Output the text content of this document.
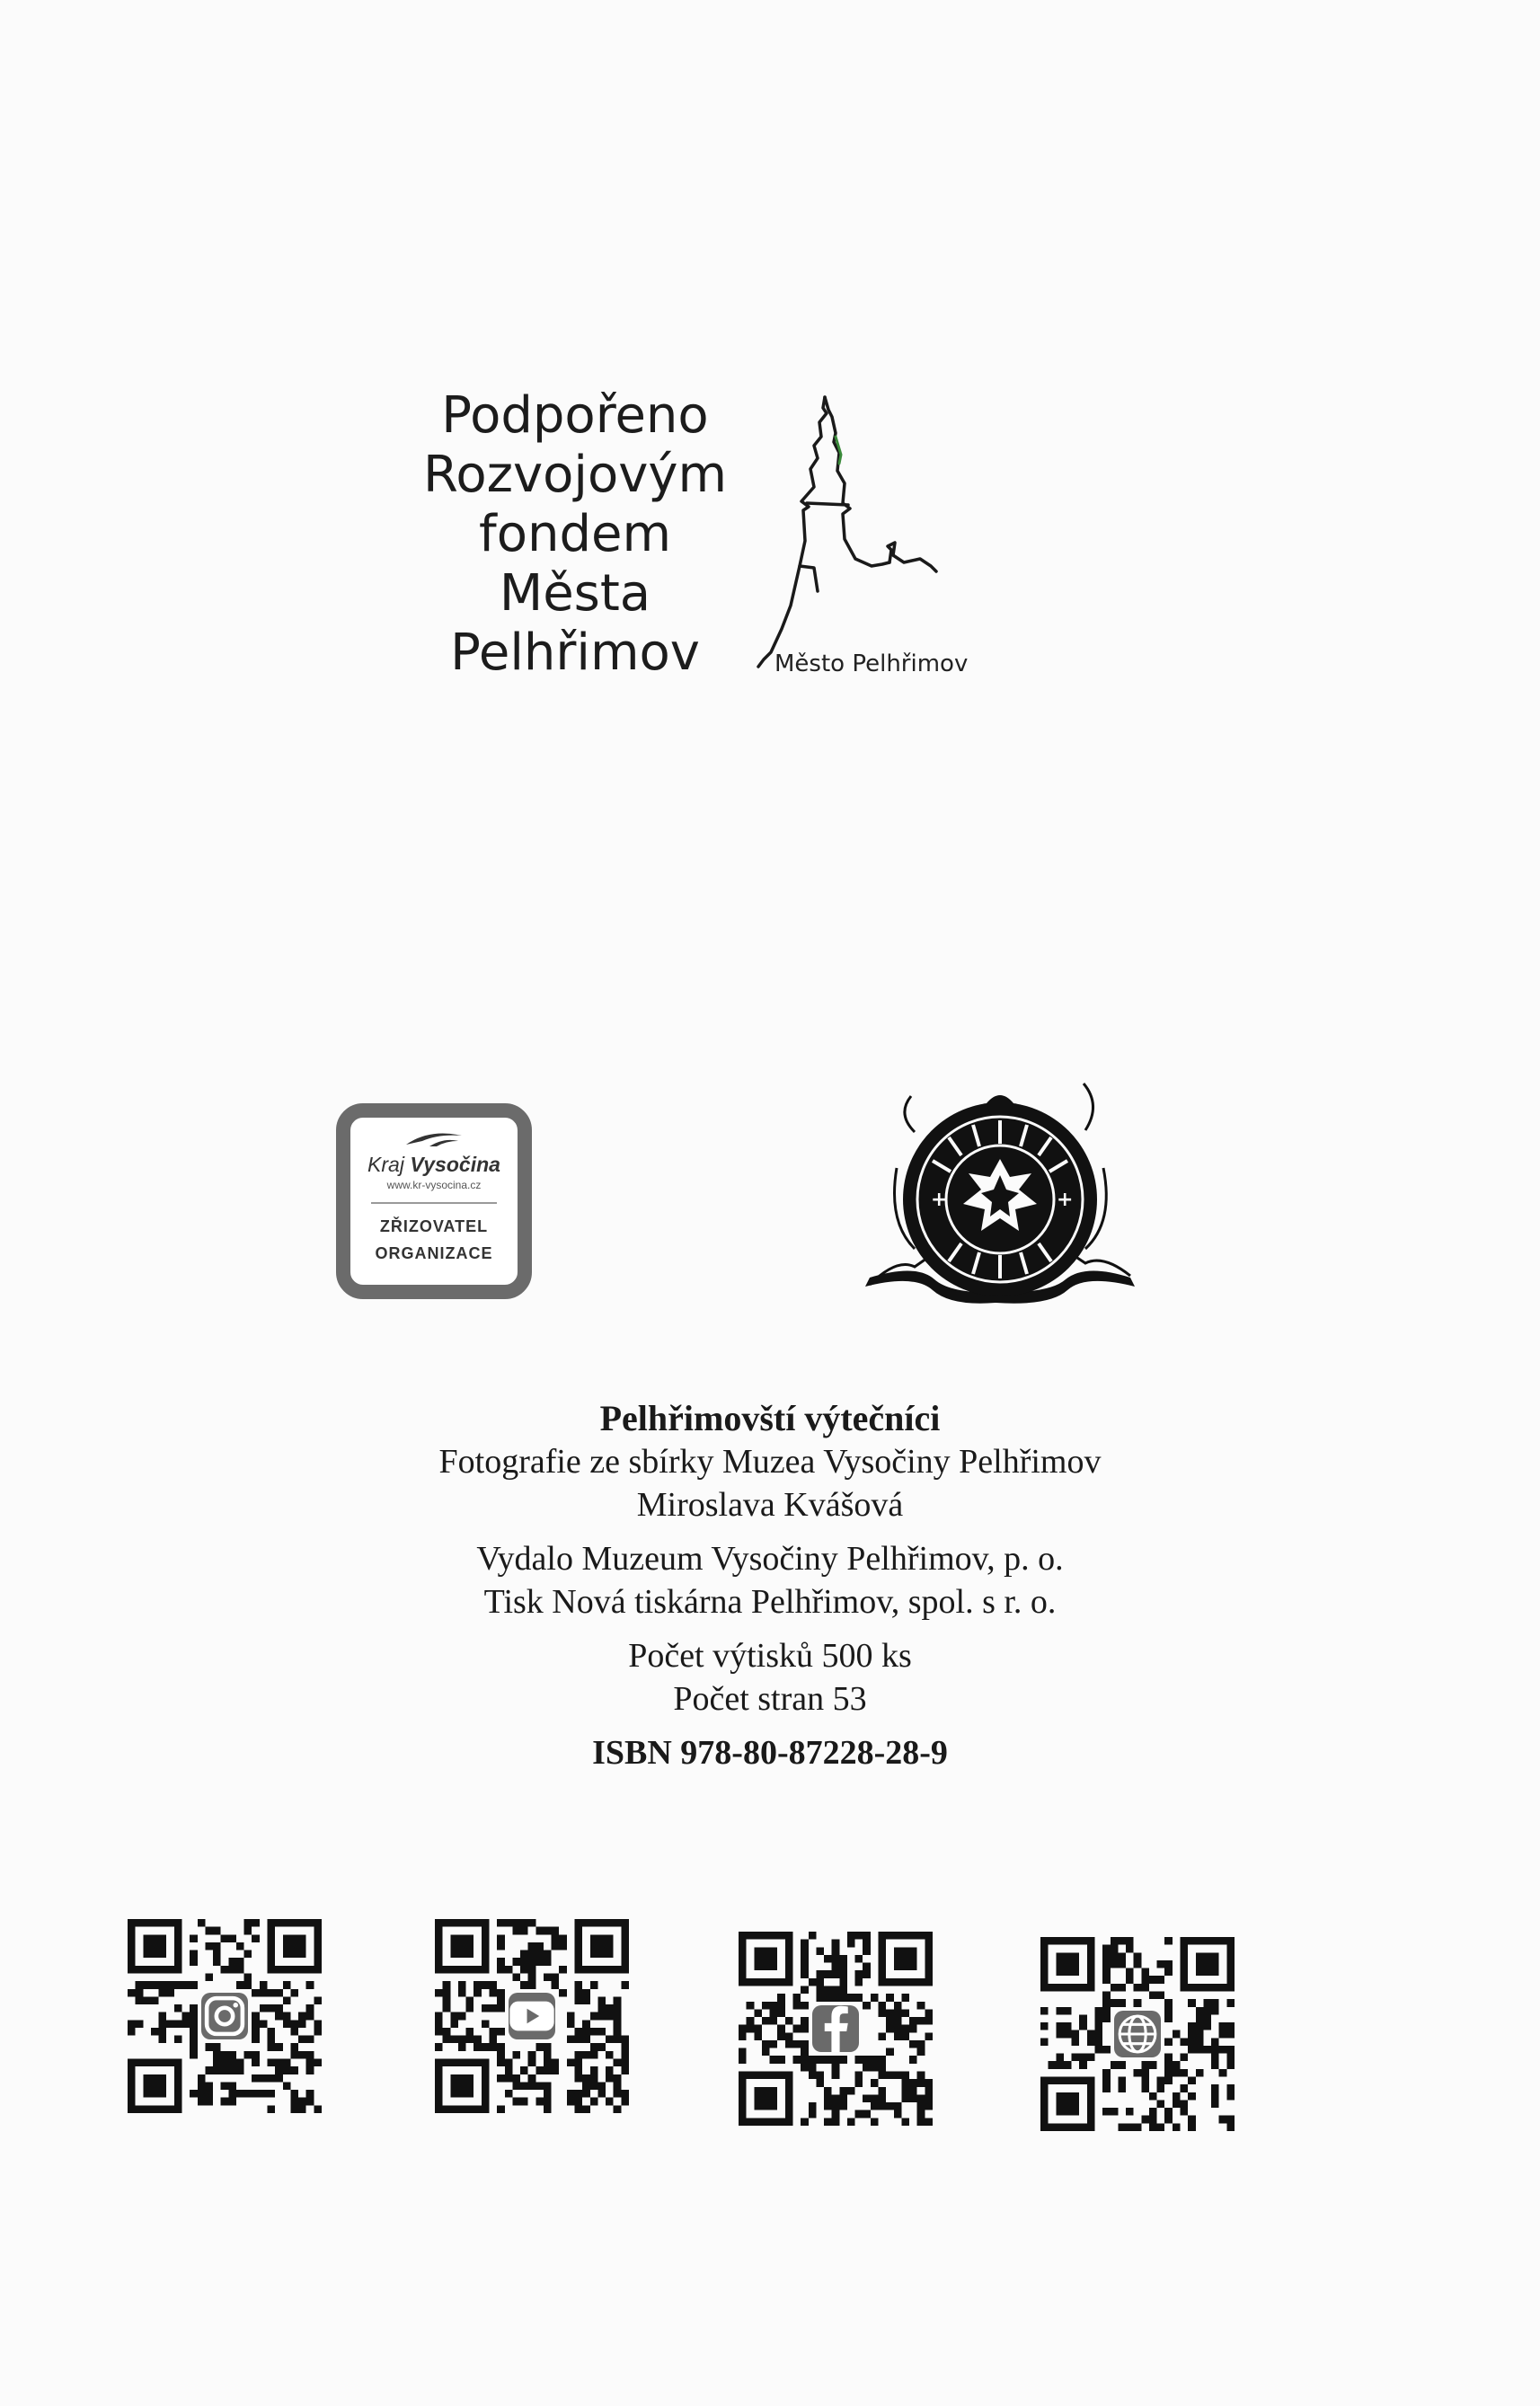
Podpořeno
Rozvojovým
fondem
Města
Pelhřimov	Město Pelhřimov
Kraj Vysočina
www.kr-vysocina.cz
ZŘIZOVATEL
ORGANIZACE
+	+
Pelhřimovští výtečníci
Fotografie ze sbírky Muzea Vysočiny Pelhřimov
Miroslava Kvášová
Vydalo Muzeum Vysočiny Pelhřimov, p. o.
Tisk Nová tiskárna Pelhřimov, spol. s r. o.
Počet výtisků 500 ks
Počet stran 53
ISBN 978-80-87228-28-9
